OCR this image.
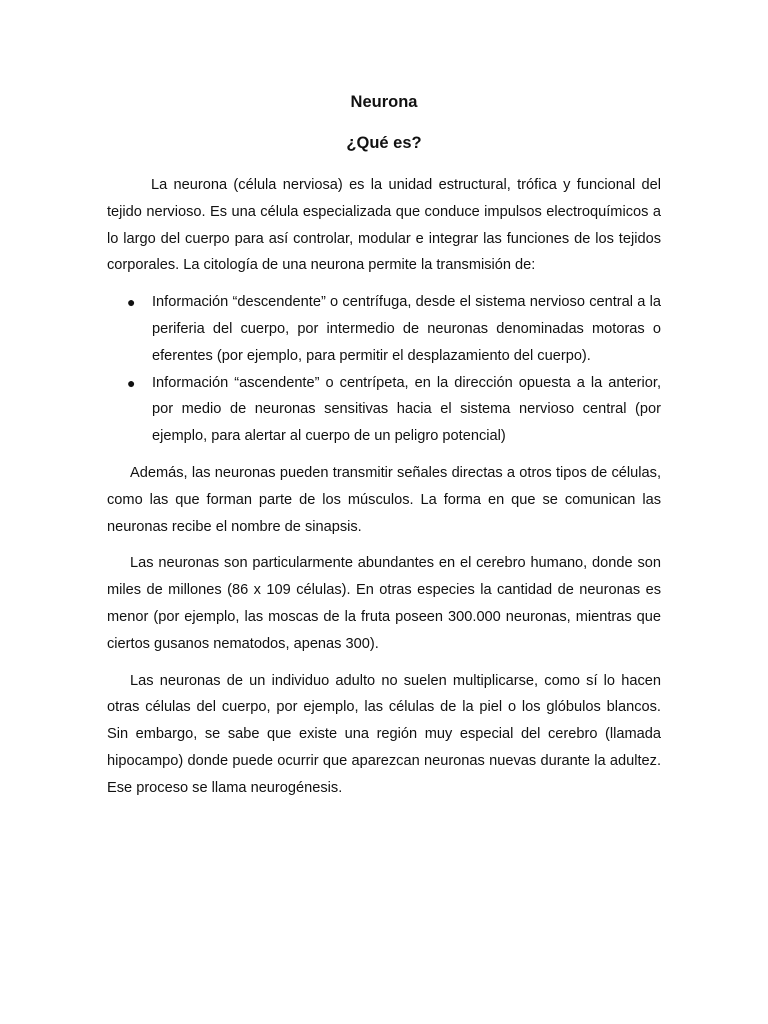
Neurona
¿Qué es?

La neurona (célula nerviosa) es la unidad estructural, trófica y funcional del tejido nervioso. Es una célula especializada que conduce impulsos electroquímicos a lo largo del cuerpo para así controlar, modular e integrar las funciones de los tejidos corporales. La citología de una neurona permite la transmisión de:

● Información “descendente” o centrífuga, desde el sistema nervioso central a la periferia del cuerpo, por intermedio de neuronas denominadas motoras o eferentes (por ejemplo, para permitir el desplazamiento del cuerpo).
● Información “ascendente” o centrípeta, en la dirección opuesta a la anterior, por medio de neuronas sensitivas hacia el sistema nervioso central (por ejemplo, para alertar al cuerpo de un peligro potencial)

Además, las neuronas pueden transmitir señales directas a otros tipos de células, como las que forman parte de los músculos. La forma en que se comunican las neuronas recibe el nombre de sinapsis.

Las neuronas son particularmente abundantes en el cerebro humano, donde son miles de millones (86 x 109 células). En otras especies la cantidad de neuronas es menor (por ejemplo, las moscas de la fruta poseen 300.000 neuronas, mientras que ciertos gusanos nematodos, apenas 300).

Las neuronas de un individuo adulto no suelen multiplicarse, como sí lo hacen otras células del cuerpo, por ejemplo, las células de la piel o los glóbulos blancos. Sin embargo, se sabe que existe una región muy especial del cerebro (llamada hipocampo) donde puede ocurrir que aparezcan neuronas nuevas durante la adultez. Ese proceso se llama neurogénesis.
